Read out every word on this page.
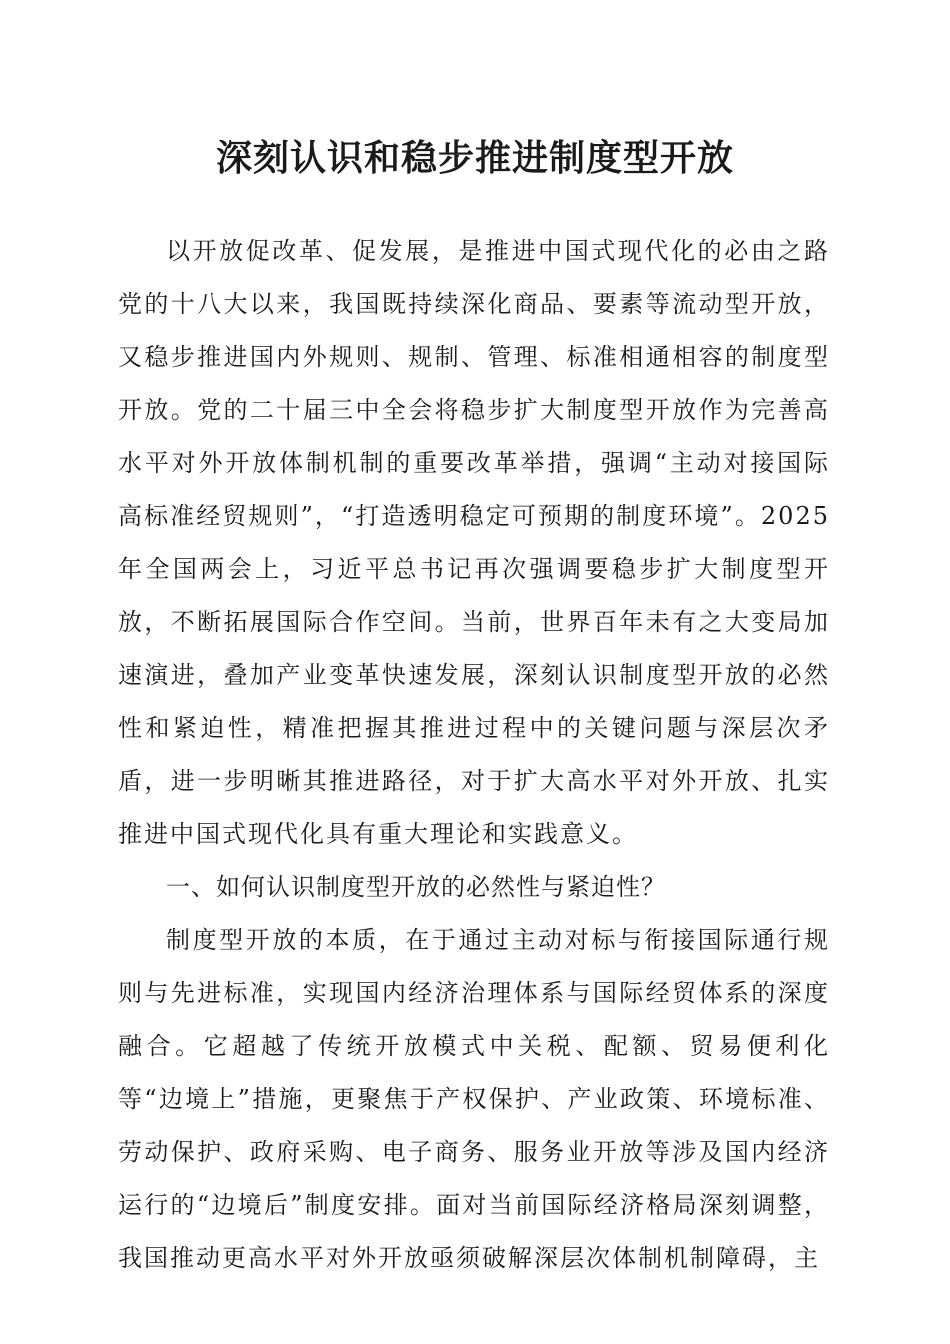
深刻认识和稳步推进制度型开放

以开放促改革、促发展，是推进中国式现代化的必由之路党的十八大以来，我国既持续深化商品、要素等流动型开放，又稳步推进国内外规则、规制、管理、标准相通相容的制度型开放。党的二十届三中全会将稳步扩大制度型开放作为完善高水平对外开放体制机制的重要改革举措，强调“主动对接国际高标准经贸规则”，“打造透明稳定可预期的制度环境”。2025年全国两会上，习近平总书记再次强调要稳步扩大制度型开放，不断拓展国际合作空间。当前，世界百年未有之大变局加速演进，叠加产业变革快速发展，深刻认识制度型开放的必然性和紧迫性，精准把握其推进过程中的关键问题与深层次矛盾，进一步明晰其推进路径，对于扩大高水平对外开放、扎实推进中国式现代化具有重大理论和实践意义。

一、如何认识制度型开放的必然性与紧迫性？

制度型开放的本质，在于通过主动对标与衔接国际通行规则与先进标准，实现国内经济治理体系与国际经贸体系的深度融合。它超越了传统开放模式中关税、配额、贸易便利化等“边境上”措施，更聚焦于产权保护、产业政策、环境标准、劳动保护、政府采购、电子商务、服务业开放等涉及国内经济运行的“边境后”制度安排。面对当前国际经济格局深刻调整，我国推动更高水平对外开放亟须破解深层次体制机制障碍，主
